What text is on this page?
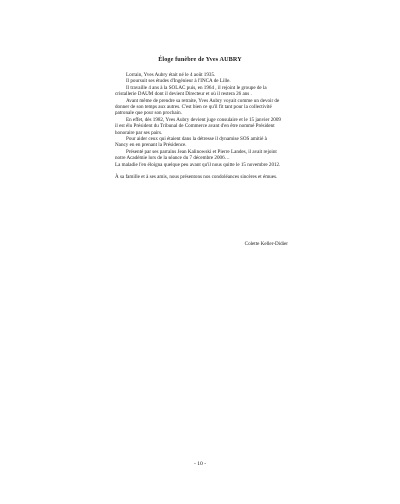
Éloge funèbre de Yves AUBRY
Lorrain, Yves Aubry était né le 4 août 1935.
Il poursuit ses études d'Ingénieur à l'INCA de Lille.
Il travaille 4 ans à la SOLAC puis, en 1964 , il rejoint le groupe de la
cristallerie DAUM dont il devient Directeur et où il restera 26 ans .
Avant même de prendre sa retraite, Yves Aubry voyait comme un devoir de
donner de son temps aux autres. C'est bien ce qu'il fit tant pour la collectivité
patronale que pour son prochain.
En effet, dès 1982, Yves Aubry devient juge consulaire et le 15 janvier 2009
il est élu Président du Tribunal de Commerce avant d'en être nommé Président
honoraire par ses pairs.
Pour aider ceux qui étaient dans la détresse il dynamise SOS amitié à
Nancy en en prenant la Présidence.
Présenté par ses parrains Jean Kalinowski et Pierre Landes, il avait rejoint
notre Académie lors de la séance du 7 décembre 2006…
La maladie l'en éloigna quelque peu avant qu'il nous quitte le 15 novembre 2012.
À sa famille et à ses amis, nous présentons nos condoléances sincères et émues.
Colette Keller-Didier
- 10 -
